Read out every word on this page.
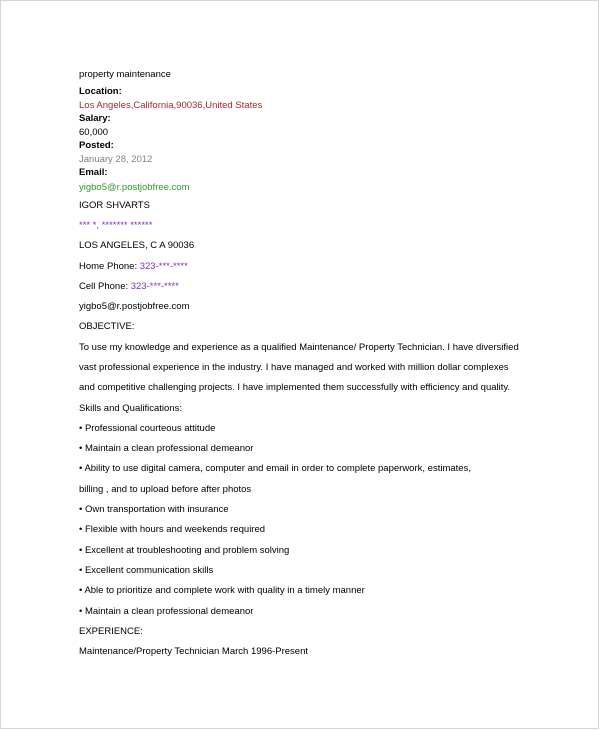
property maintenance
Location:
Los Angeles,California,90036,United States
Salary:
60,000
Posted:
January 28, 2012
Email:
yigbo5@r.postjobfree.com
IGOR SHVARTS
*** *, ******* ******
LOS ANGELES, C A 90036
Home Phone: 323-***-****
Cell Phone: 323-***-****
yigbo5@r.postjobfree.com
OBJECTIVE:
To use my knowledge and experience as a qualified Maintenance/ Property Technician. I have diversified
vast professional experience in the industry. I have managed and worked with million dollar complexes
and competitive challenging projects. I have implemented them successfully with efficiency and quality.
Skills and Qualifications:
• Professional courteous attitude
• Maintain a clean professional demeanor
• Ability to use digital camera, computer and email in order to complete paperwork, estimates,
billing , and to upload before after photos
• Own transportation with insurance
• Flexible with hours and weekends required
• Excellent at troubleshooting and problem solving
• Excellent communication skills
• Able to prioritize and complete work with quality in a timely manner
• Maintain a clean professional demeanor
EXPERIENCE:
Maintenance/Property Technician March 1996-Present
